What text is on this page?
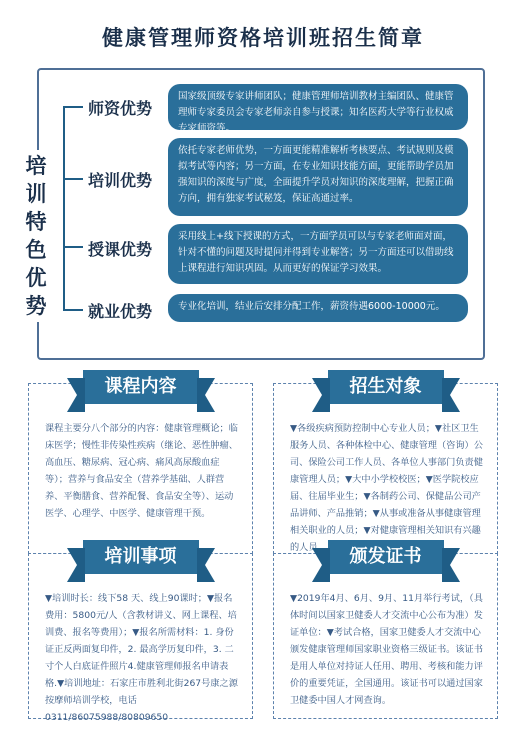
健康管理师资格培训班招生简章
培训特色优势
师资优势
国家级顶级专家讲师团队；健康管理师培训教材主编团队、健康管理师专家委员会专家老师亲自参与授课；知名医药大学等行业权威专家师资等。
培训优势
依托专家老师优势，一方面更能精准解析考核要点、考试规则及模拟考试等内容；另一方面，在专业知识技能方面，更能帮助学员加强知识的深度与广度，全面提升学员对知识的深度理解，把握正确方向，拥有独家考试秘笈，保证高通过率。
授课优势
采用线上+线下授课的方式，一方面学员可以与专家老师面对面，针对不懂的问题及时提问并得到专业解答；另一方面还可以借助线上课程进行知识巩固。从而更好的保证学习效果。
就业优势	专业化培训，结业后安排分配工作，薪资待遇6000-10000元。
课程内容
课程主要分八个部分的内容：健康管理概论；临床医学；慢性非传染性疾病（继论、恶性肿瘤、高血压、糖尿病、冠心病、痛风高尿酸血症等）；营养与食品安全（营养学基础、人群营养、平衡膳食、营养配餐、食品安全等）、运动医学、心理学、中医学、健康管理干预。
招生对象
▼各级疾病预防控制中心专业人员；▼社区卫生服务人员、各种体检中心、健康管理（咨询）公司、保险公司工作人员、各单位人事部门负责健康管理人员；▼大中小学校校医；▼医学院校应届、往届毕业生；▼各制药公司、保健品公司产品讲师、产品推销；▼从事或准备从事健康管理相关职业的人员；▼对健康管理相关知识有兴趣的人员。
培训事项
▼培训时长：线下58 天、线上90课时；▼报名费用：5800元/人（含教材讲义、网上课程、培训费、报名等费用）；▼报名所需材料：1. 身份证正反两面复印件，2. 最高学历复印件，3. 二寸个人白底证件照片4.健康管理师报名申请表格.▼培训地址：石家庄市胜利北街267号康之源按摩师培训学校，电话0311/86075988/80809650
颁发证书
▼2019年4月、6月、9月、11月举行考试，（具体时间以国家卫健委人才交流中心公布为准）发证单位：▼考试合格，国家卫健委人才交流中心颁发健康管理师国家职业资格三级证书。该证书是用人单位对持证人任用、聘用、考核和能力评价的重要凭证，全国通用。该证书可以通过国家卫健委中国人才网查询。
